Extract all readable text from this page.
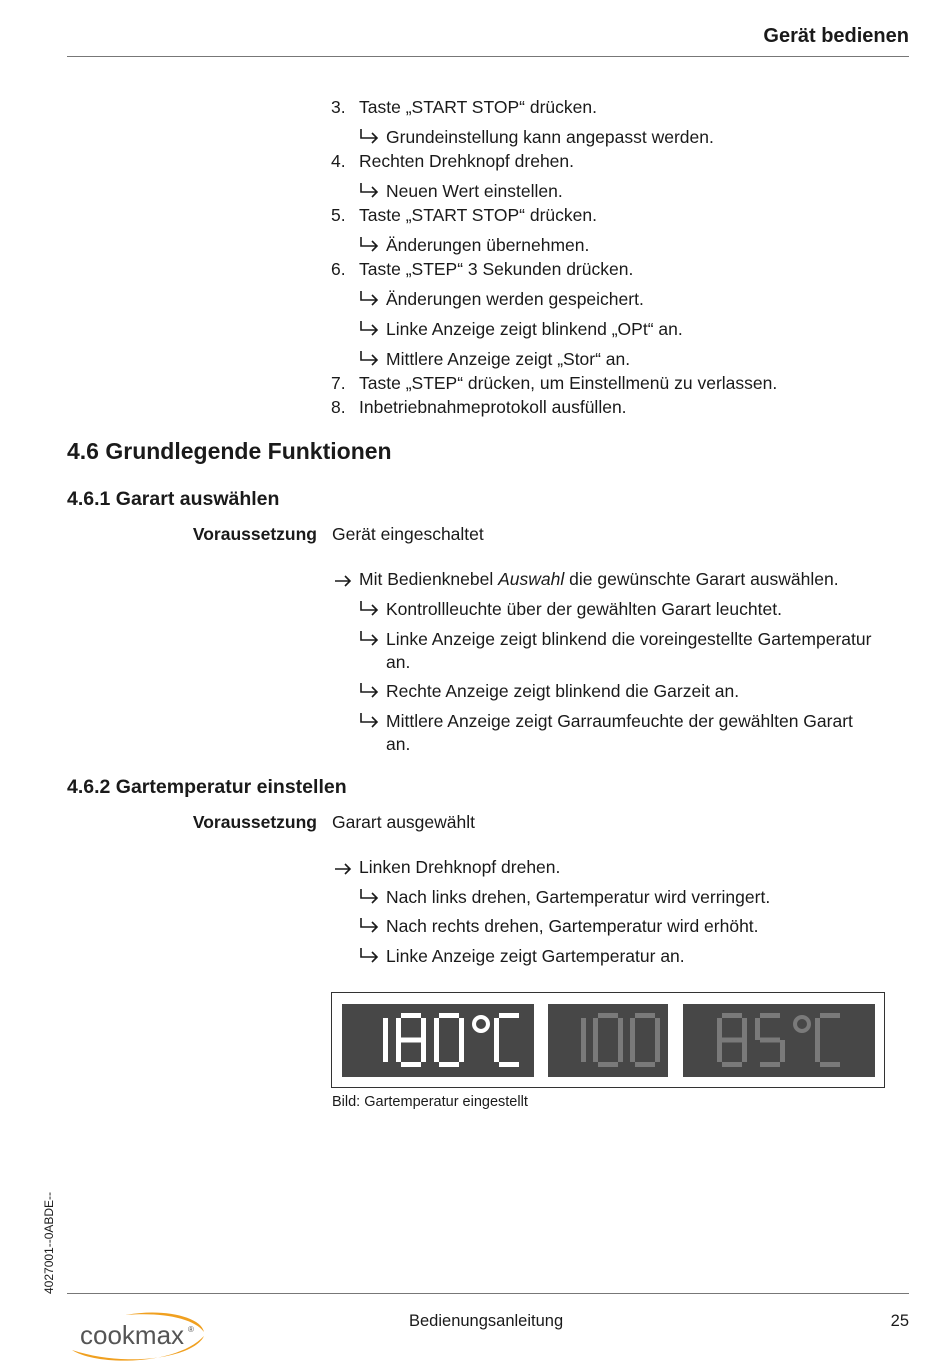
Gerät bedienen
3. Taste „START STOP“ drücken.
Grundeinstellung kann angepasst werden.
4. Rechten Drehknopf drehen.
Neuen Wert einstellen.
5. Taste „START STOP“ drücken.
Änderungen übernehmen.
6. Taste „STEP“ 3 Sekunden drücken.
Änderungen werden gespeichert.
Linke Anzeige zeigt blinkend „OPt“ an.
Mittlere Anzeige zeigt „Stor“ an.
7. Taste „STEP“ drücken, um Einstellmenü zu verlassen.
8. Inbetriebnahmeprotokoll ausfüllen.
4.6 Grundlegende Funktionen
4.6.1 Garart auswählen
Voraussetzung Gerät eingeschaltet
Mit Bedienknebel Auswahl die gewünschte Garart auswählen.
Kontrollleuchte über der gewählten Garart leuchtet.
Linke Anzeige zeigt blinkend die voreingestellte Gartemperatur
an.
Rechte Anzeige zeigt blinkend die Garzeit an.
Mittlere Anzeige zeigt Garraumfeuchte der gewählten Garart
an.
4.6.2 Gartemperatur einstellen
Voraussetzung Garart ausgewählt
Linken Drehknopf drehen.
Nach links drehen, Gartemperatur wird verringert.
Nach rechts drehen, Gartemperatur wird erhöht.
Linke Anzeige zeigt Gartemperatur an.
Bild: Gartemperatur eingestellt
4027001--0ABDE--
cookmax ®	Bedienungsanleitung	25
